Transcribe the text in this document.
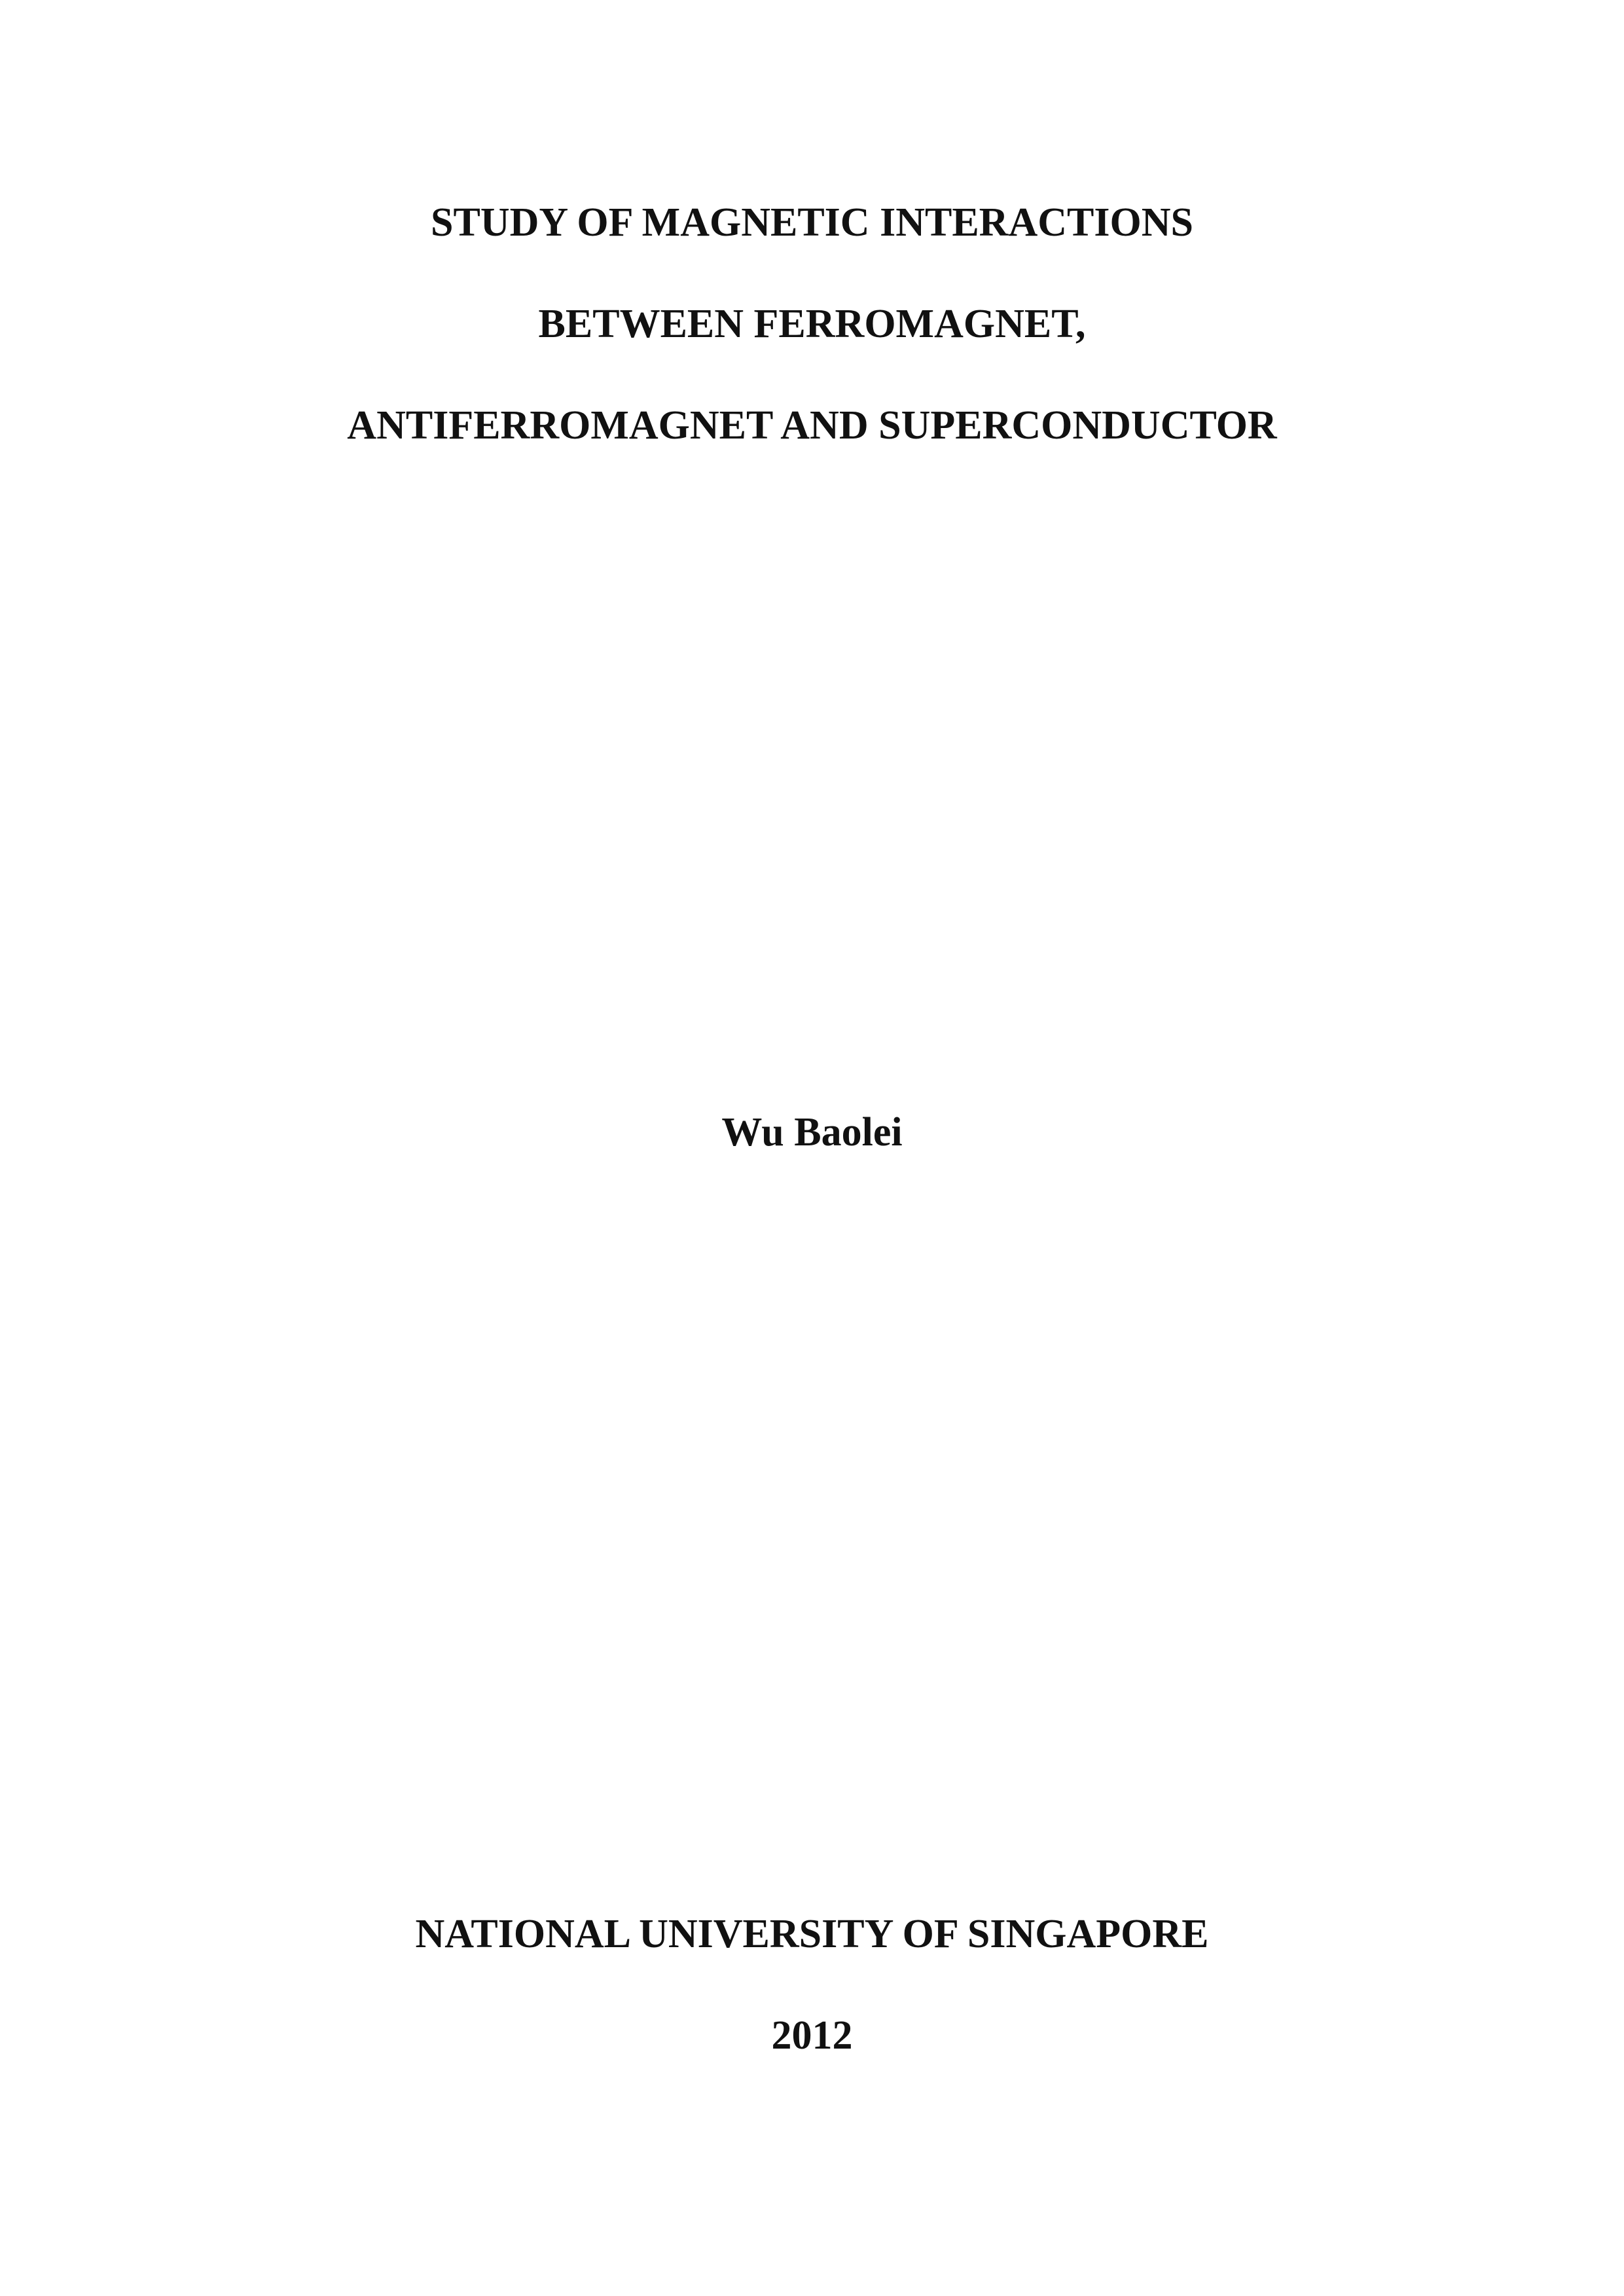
STUDY OF MAGNETIC INTERACTIONS
BETWEEN FERROMAGNET,
ANTIFERROMAGNET AND SUPERCONDUCTOR
Wu Baolei
NATIONAL UNIVERSITY OF SINGAPORE
2012
